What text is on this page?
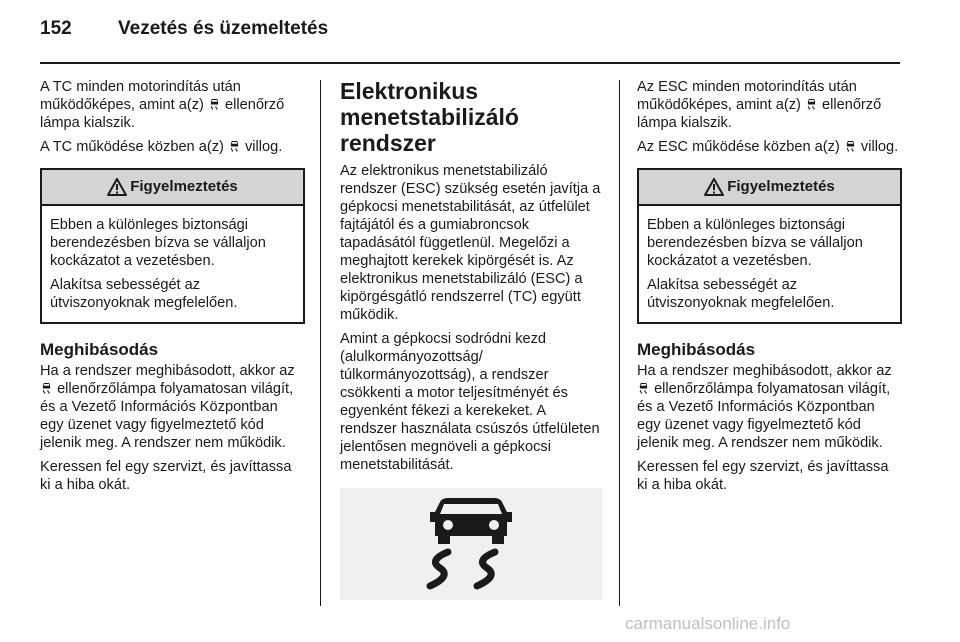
152 Vezetés és üzemeltetés

A TC minden motorindítás után működőképes, amint a(z) ellenőrző lámpa kialszik.

A TC működése közben a(z) villog.

Figyelmeztetés

Ebben a különleges biztonsági berendezésben bízva se vállaljon kockázatot a vezetésben.

Alakítsa sebességét az útviszonyoknak megfelelően.

Meghibásodás

Ha a rendszer meghibásodott, akkor az  ellenőrzőlámpa folyamatosan világít, és a Vezető Információs Központban egy üzenet vagy figyelmeztető kód jelenik meg. A rendszer nem működik.

Keressen fel egy szervizt, és javíttassa ki a hiba okát.

Elektronikus menetstabilizáló rendszer

Az elektronikus menetstabilizáló rendszer (ESC) szükség esetén javítja a gépkocsi menetstabilitását, az útfelület fajtájától és a gumiabroncsok tapadásától függetlenül. Megelőzi a meghajtott kerekek kipörgését is. Az elektronikus menetstabilizáló (ESC) a kipörgésgátló rendszerrel (TC) együtt működik.

Amint a gépkocsi sodródni kezd (alulkormányozottság/ túlkormányozottság), a rendszer csökkenti a motor teljesítményét és egyenként fékezi a kerekeket. A rendszer használata csúszós útfelületen jelentősen megnöveli a gépkocsi menetstabilitását.

Az ESC minden motorindítás után működőképes, amint a(z) ellenőrző lámpa kialszik.

Az ESC működése közben a(z) villog.

Figyelmeztetés

Ebben a különleges biztonsági berendezésben bízva se vállaljon kockázatot a vezetésben.

Alakítsa sebességét az útviszonyoknak megfelelően.

Meghibásodás

Ha a rendszer meghibásodott, akkor az  ellenőrzőlámpa folyamatosan világít, és a Vezető Információs Központban egy üzenet vagy figyelmeztető kód jelenik meg. A rendszer nem működik.

Keressen fel egy szervizt, és javíttassa ki a hiba okát.

carmanualsonline.info
